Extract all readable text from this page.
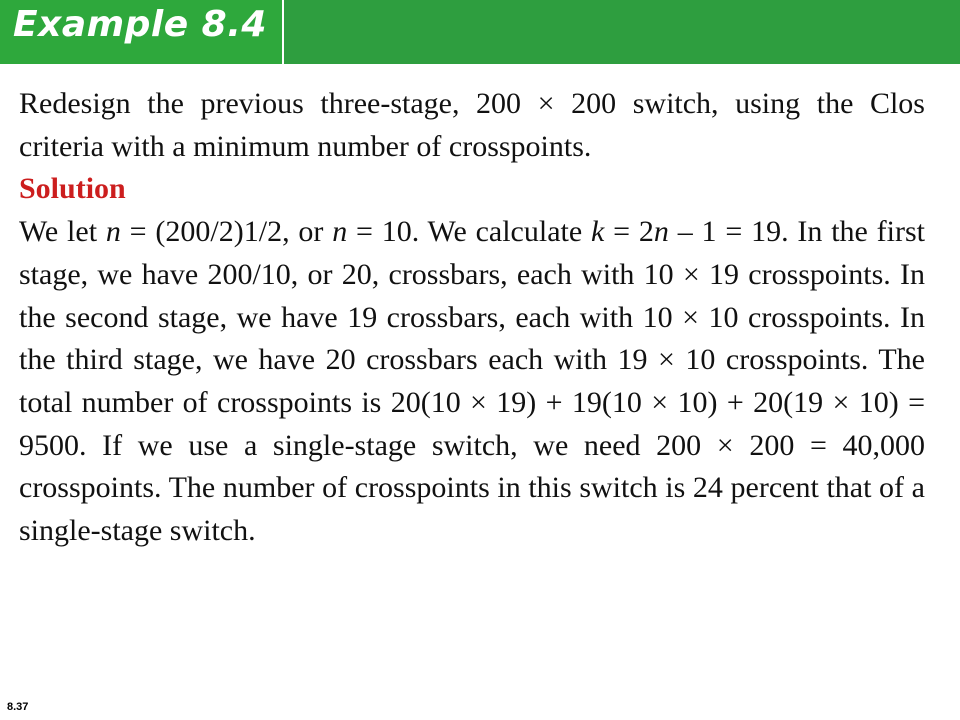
Example 8.4

Redesign the previous three-stage, 200 × 200 switch, using the Clos criteria with a minimum number of crosspoints.

Solution

We let n = (200/2)1/2, or n = 10. We calculate k = 2n – 1 = 19. In the first stage, we have 200/10, or 20, crossbars, each with 10 × 19 crosspoints. In the second stage, we have 19 crossbars, each with 10 × 10 crosspoints. In the third stage, we have 20 crossbars each with 19 × 10 crosspoints. The total number of crosspoints is 20(10 × 19) + 19(10 × 10) + 20(19 × 10) = 9500. If we use a single-stage switch, we need 200 × 200 = 40,000 crosspoints. The number of crosspoints in this switch is 24 percent that of a single-stage switch.

8.37
